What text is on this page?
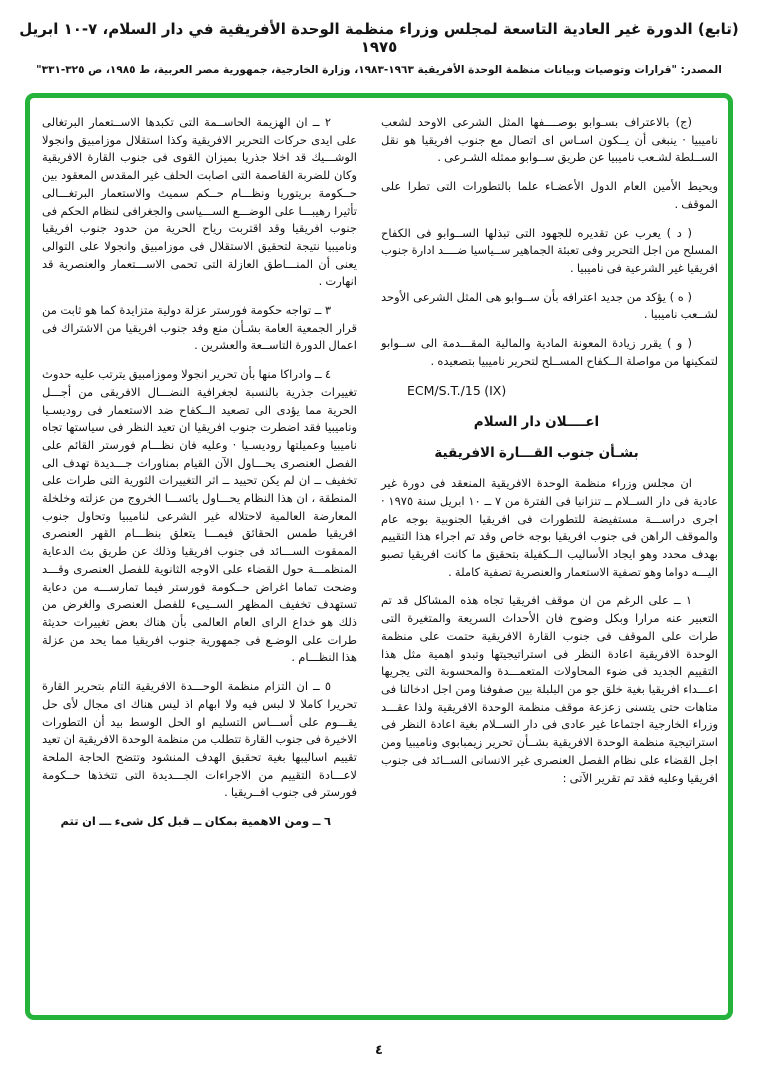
(تابع) الدورة غير العادية التاسعة لمجلس وزراء منظمة الوحدة الأفريقية في دار السلام، ٧-١٠ ابريل ١٩٧٥
المصدر: "قرارات وتوصيات وبيانات منظمة الوحدة الأفريقية ١٩٦٣-١٩٨٣، وزارة الخارجية، جمهورية مصر العربية، ط ١٩٨٥، ص ٣٢٥-٣٣١"

(ج) بالاعتراف بسـوابو بوصــــفها المثل الشرعى الاوحد لشعب ناميبيا · ينبغى أن يــكون اسـاس اى اتصال مع جنوب افريقيا هو نقل الســلطة لشـعب ناميبيا عن طريق ســوابو ممثله الشـرعى .

ويحيط الأمين العام الدول الأعضـاء علما بالتطورات التى تطرا على الموقف .

( د ) يعرب عن تقديره للجهود التى تبذلها الســوابو فى الكفاح المسلح من اجل التحرير وفى تعبئة الجماهير ســياسيا ضــــد ادارة جنوب افريقيا غير الشرعية فى ناميبيا .

( ه ) يؤكد من جديد اعترافه بأن ســوابو هى المثل الشرعى الأوحد لشــعب ناميبيا .

( و ) يقرر زيادة المعونة المادية والمالية المقـــدمة الى ســوابو لتمكينها من مواصلة الــكفاح المســلح لتحرير ناميبيا بتصعيده .

ECM/S.T./15 (IX)

اعــــلان دار السلام

بشـأن جنوب القـــارة الافريقية

ان مجلس وزراء منظمة الوحدة الافريقية المنعقد فى دورة غير عادية فى دار الســلام ــ تنزانيا فى الفترة من ٧ ــ ١٠ ابريل سنة ١٩٧٥ · اجرى دراســـة مستفيضة للتطورات فى افريقيا الجنوبية بوجه عام والموقف الراهن فى جنوب افريقيا بوجه خاص وقد تم اجراء هذا التقييم بهدف محدد وهو ايجاد الأساليب الــكفيلة بتحقيق ما كانت افريقيا تصبو اليـــه دواما وهو تصفية الاستعمار والعنصرية تصفية كاملة .

١ ــ على الرغم من ان موقف افريقيا تجاه هذه المشاكل قد تم التعبير عنه مرارا وبكل وضوح فان الأحداث السريعة والمتغيرة التى طرات على الموقف فى جنوب القارة الافريقية حتمت على منظمة الوحدة الافريقية اعادة النظر فى استراتيجيتها وتبدو اهمية مثل هذا التقييم الجديد فى ضوء المحاولات المتعمـــدة والمحسوبة التى يجريها اعـــداء افريقيا بغية خلق جو من البلبلة بين صفوفنا ومن اجل ادخالنا فى متاهات حتى يتسنى زعزعة موقف منظمة الوحدة الافريقية ولذا عقـــد وزراء الخارجية اجتماعا غير عادى فى دار الســلام بغية اعادة النظر فى استراتيجية منظمة الوحدة الافريقية بشــأن تحرير زيمبابوى وناميبيا ومن اجل القضاء على نظام الفصل العنصرى غير الانسانى الســائد فى جنوب افريقيا وعليه فقد تم تقرير الآتى :

٢ ــ ان الهزيمة الحاســمة التى تكبدها الاســتعمار البرتغالى على ايدى حركات التحرير الافريقية وكذا استقلال موزامبيق وانجولا الوشـــيك قد اخلا جذريا بميزان القوى فى جنوب القارة الافريقية وكان للضربة القاصمة التى اصابت الحلف غير المقدس المعقود بين حــكومة بريتوريا ونظـــام حــكم سميث والاستعمار البرتغـــالى تأثيرا رهيبـــا على الوضـــع الســـياسى والجغرافى لنظام الحكم فى جنوب افريقيا وقد اقتربت رياح الحرية من حدود جنوب افريقيا وناميبيا نتيجة لتحقيق الاستقلال فى موزامبيق وانجولا على التوالى يعنى أن المنـــاطق العازلة التى تحمى الاســـتعمار والعنصرية قد انهارت .

٣ ــ تواجه حكومة فورستر عزلة دولية متزايدة كما هو ثابت من قرار الجمعية العامة بشـأن منع وفد جنوب افريقيا من الاشتراك فى اعمال الدورة التاســعة والعشرين .

٤ ــ وادراكا منها بأن تحرير انجولا وموزامبيق يترتب عليه حدوث تغييرات جذرية بالنسبة لجغرافية النضـــال الافريقى من أجـــل الحرية مما يؤدى الى تصعيد الــكفاح ضد الاستعمار فى روديسـيا وناميبيا فقد اضطرت جنوب افريقيا ان تعيد النظر فى سياستها تجاه ناميبيا وعميلتها روديسـيا · وعليه فان نظـــام فورستر القائم على الفصل العنصرى يحـــاول الآن القيام بمناورات جـــديدة تهدف الى تخفيف ــ ان لم يكن تحييد ــ اثر التغييرات الثورية التى طرات على المنطقة ، ان هذا النظام يحـــاول يائســـا الخروج من عزلته وخلخلة المعارضة العالمية لاحتلاله غير الشرعى لناميبيا وتحاول جنوب افريقيا طمس الحقائق فيمـــا يتعلق بنظـــام القهر العنصرى الممقوت الســـائد فى جنوب افريقيا وذلك عن طريق بث الدعاية المنظمـــة حول القضاء على الاوجه الثانوية للفصل العنصرى وقـــد وضحت تماما اغراض حــكومة فورستر فيما تمارســـه من دعاية تستهدف تخفيف المظهر الســيىء للفصل العنصرى والغرض من ذلك هو خداع الراى العام العالمى بأن هناك بعض تغييرات حديثة طرات على الوضـع فى جمهورية جنوب افريقيا مما يحد من عزلة هذا النظـــام .

٥ ــ ان التزام منظمة الوحـــدة الافريقية التام بتحرير القارة تحريرا كاملا لا لبس فيه ولا ابهام اذ ليس هناك اى مجال لأى حل يقـــوم على أســـاس التسليم او الحل الوسط بيد أن التطورات الاخيرة فى جنوب القارة تتطلب من منظمة الوحدة الافريقية ان تعيد تقييم اساليبها بغية تحقيق الهدف المنشود وتتضح الحاجة الملحة لاعـــادة التقييم من الاجراءات الجـــديدة التى تتخذها حــكومة فورستر فى جنوب افــريقيا .

٦ ــ ومن الاهمية بمكان ــ قبل كل شىء ـــ ان تتم

٤
